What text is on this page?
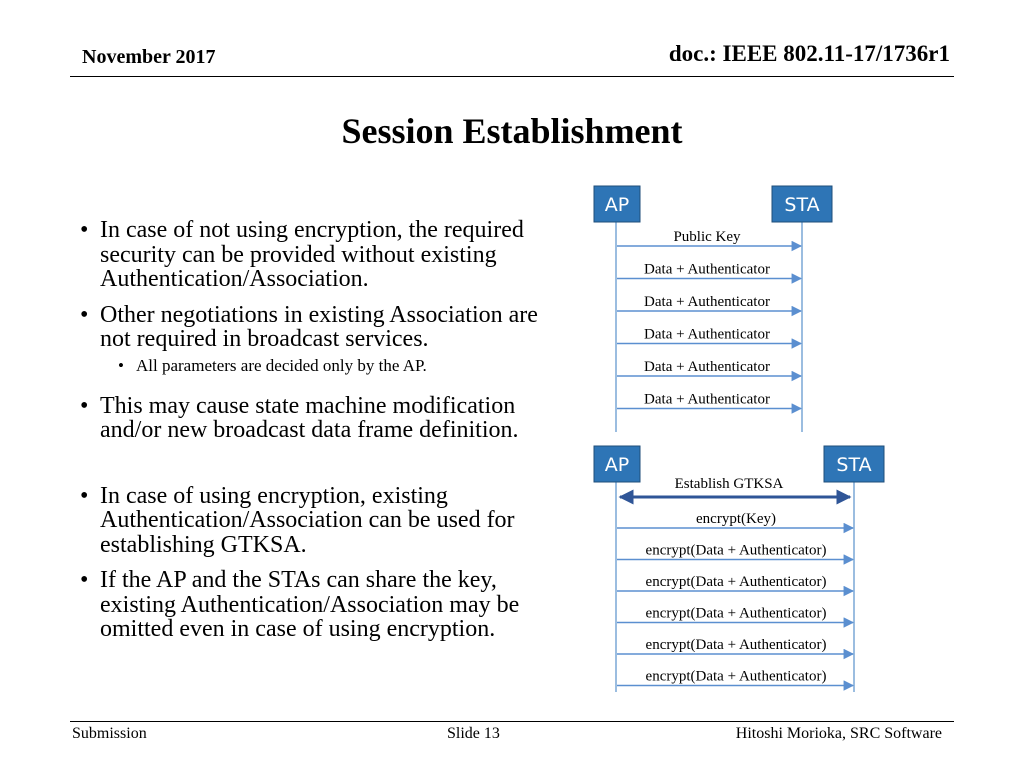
November 2017	doc.: IEEE 802.11-17/1736r1
Session Establishment

• In case of not using encryption, the required security can be provided without existing Authentication/Association.

• Other negotiations in existing Association are not required in broadcast services.

• All parameters are decided only by the AP.

• This may cause state machine modification and/or new broadcast data frame definition.

• In case of using encryption, existing Authentication/Association can be used for establishing GTKSA.

• If the AP and the STAs can share the key, existing Authentication/Association may be omitted even in case of using encryption.

AP	STA
Public Key
Data + Authenticator
Data + Authenticator
Data + Authenticator
Data + Authenticator
Data + Authenticator
AP	STA
Establish GTKSA
encrypt(Key)
encrypt(Data + Authenticator)
encrypt(Data + Authenticator)
encrypt(Data + Authenticator)
encrypt(Data + Authenticator)
encrypt(Data + Authenticator)
Submission	Slide 13	Hitoshi Morioka, SRC Software
